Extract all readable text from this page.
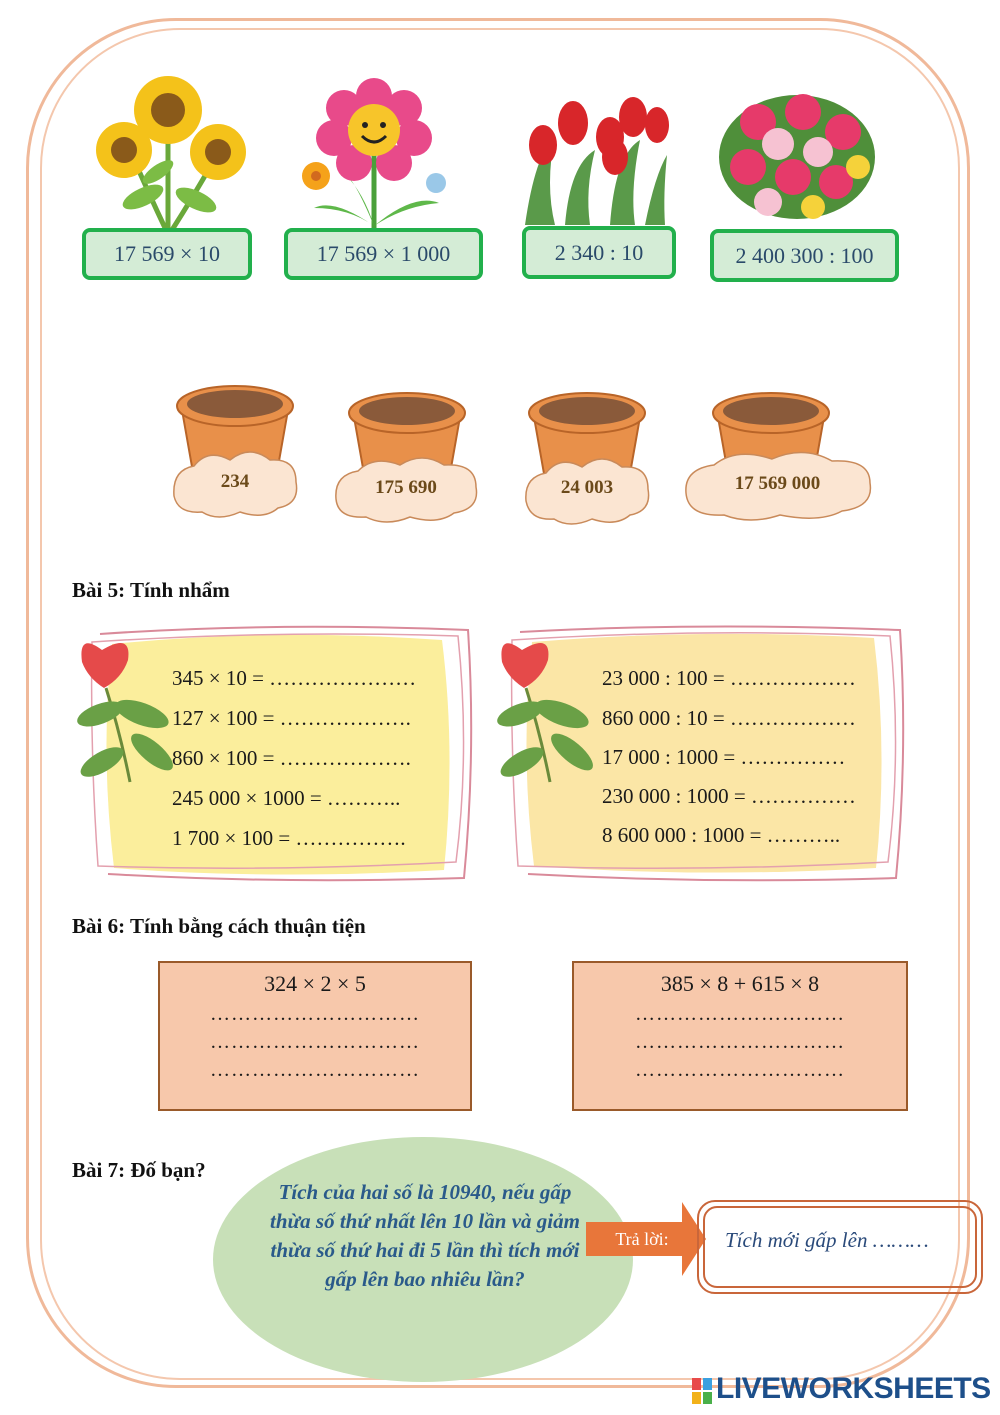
17 569 × 10	17 569 × 1 000	2 340 : 10	2 400 300 : 100
234	175 690	24 003	17 569 000
Bài 5: Tính nhẩm
345 × 10 = …………………
127 × 100 = ……………….
860 × 100 = ……………….
245 000 × 1000 = ………..
1 700 × 100 = …………….
23 000 : 100 = ………………
860 000 : 10 = ………………
17 000 : 1000 = ……………
230 000 : 1000 = ……………
8 600 000 : 1000 = ………..
Bài 6: Tính bằng cách thuận tiện
324 × 2 × 5
…………………………
…………………………
…………………………
385 × 8 + 615 × 8
…………………………
…………………………
…………………………
Bài 7: Đố bạn?
Tích của hai số là 10940, nếu gấp thừa số thứ nhất lên 10 lần và giảm thừa số thứ hai đi 5 lần thì tích mới gấp lên bao nhiêu lần?
Trả lời:	Tích mới gấp lên ………
LIVEWORKSHEETS
